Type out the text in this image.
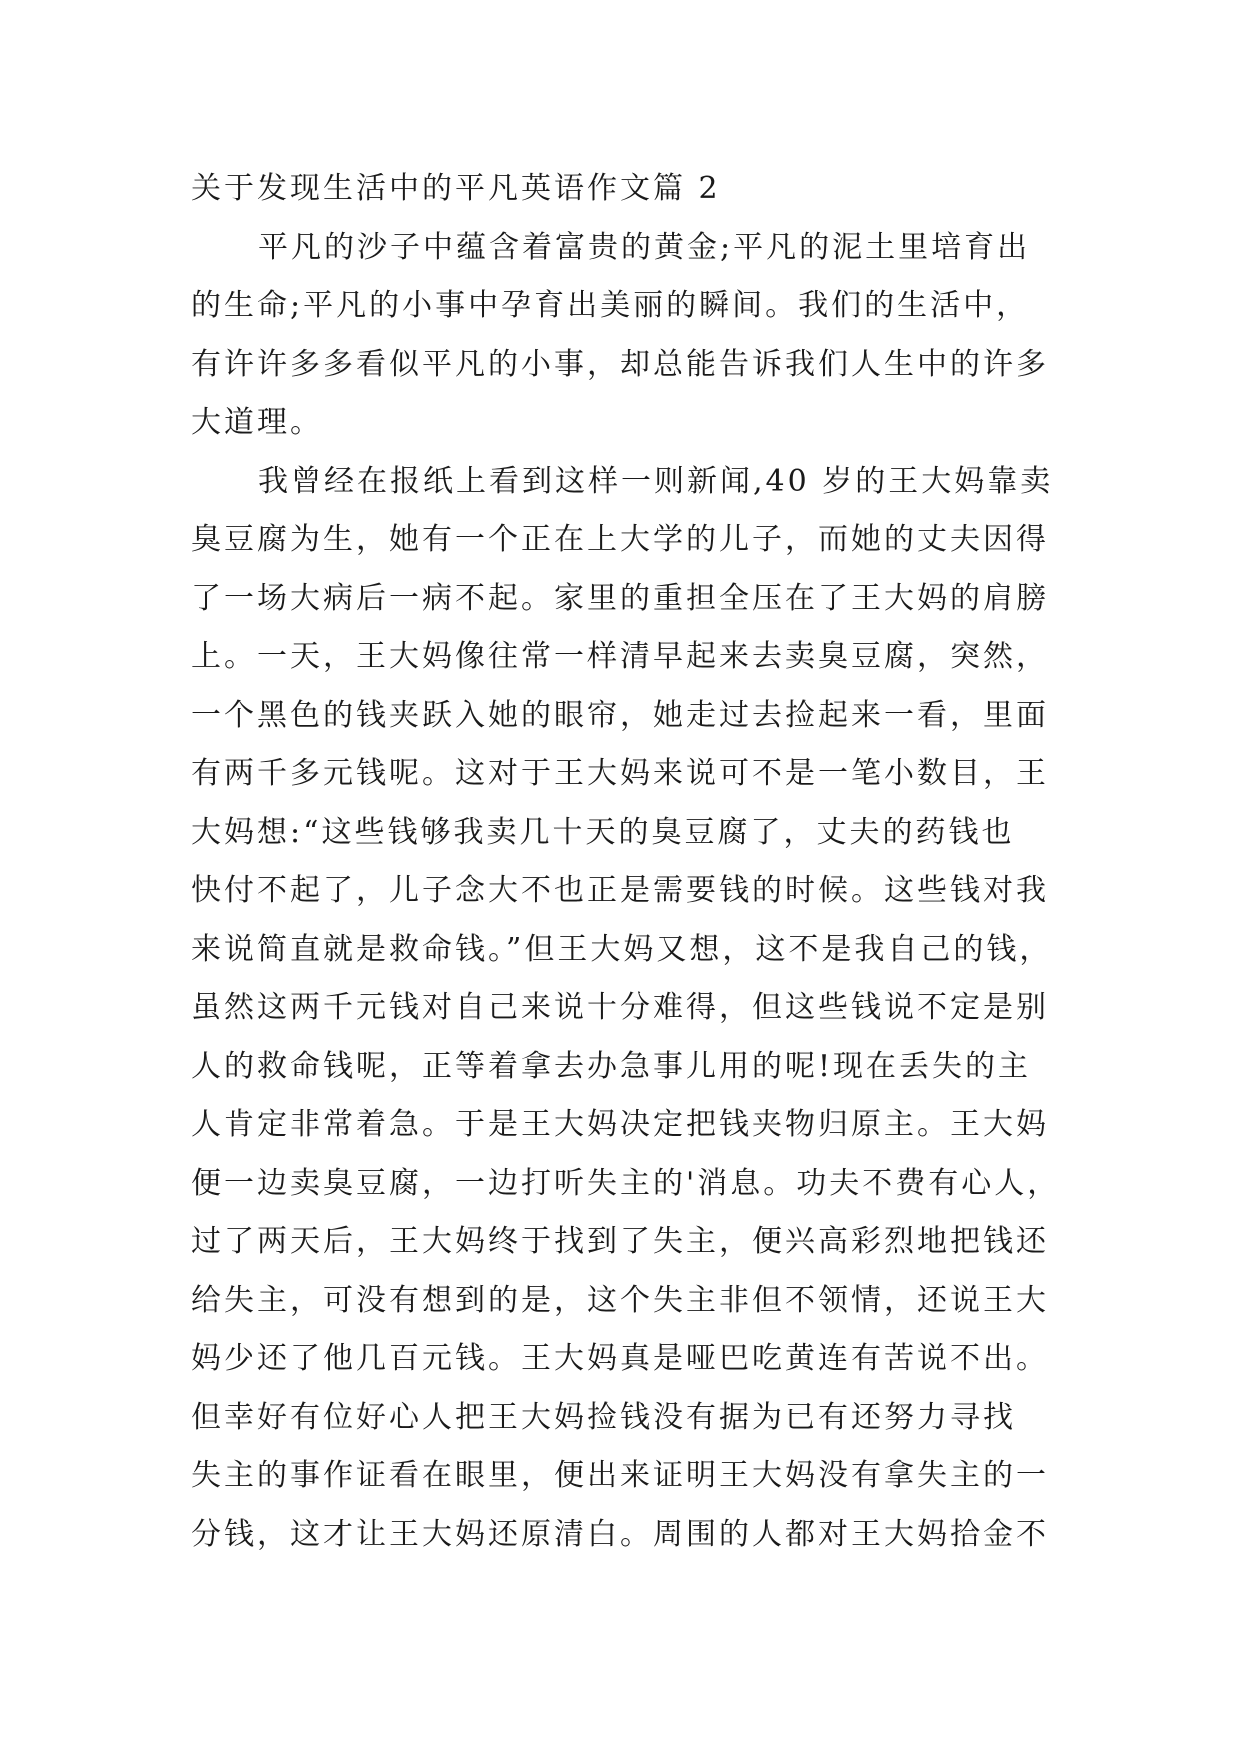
关于发现生活中的平凡英语作文篇 2
平凡的沙子中蕴含着富贵的黄金;平凡的泥土里培育出
的生命;平凡的小事中孕育出美丽的瞬间。我们的生活中，
有许许多多看似平凡的小事，却总能告诉我们人生中的许多
大道理。
我曾经在报纸上看到这样一则新闻,40 岁的王大妈靠卖
臭豆腐为生，她有一个正在上大学的儿子，而她的丈夫因得
了一场大病后一病不起。家里的重担全压在了王大妈的肩膀
上。一天，王大妈像往常一样清早起来去卖臭豆腐，突然，
一个黑色的钱夹跃入她的眼帘，她走过去捡起来一看，里面
有两千多元钱呢。这对于王大妈来说可不是一笔小数目，王
大妈想:“这些钱够我卖几十天的臭豆腐了，丈夫的药钱也
快付不起了，儿子念大不也正是需要钱的时候。这些钱对我
来说简直就是救命钱。”但王大妈又想，这不是我自己的钱，
虽然这两千元钱对自己来说十分难得，但这些钱说不定是别
人的救命钱呢，正等着拿去办急事儿用的呢!现在丢失的主
人肯定非常着急。于是王大妈决定把钱夹物归原主。王大妈
便一边卖臭豆腐，一边打听失主的'消息。功夫不费有心人，
过了两天后，王大妈终于找到了失主，便兴高彩烈地把钱还
给失主，可没有想到的是，这个失主非但不领情，还说王大
妈少还了他几百元钱。王大妈真是哑巴吃黄连有苦说不出。
但幸好有位好心人把王大妈捡钱没有据为已有还努力寻找
失主的事作证看在眼里，便出来证明王大妈没有拿失主的一
分钱，这才让王大妈还原清白。周围的人都对王大妈拾金不
